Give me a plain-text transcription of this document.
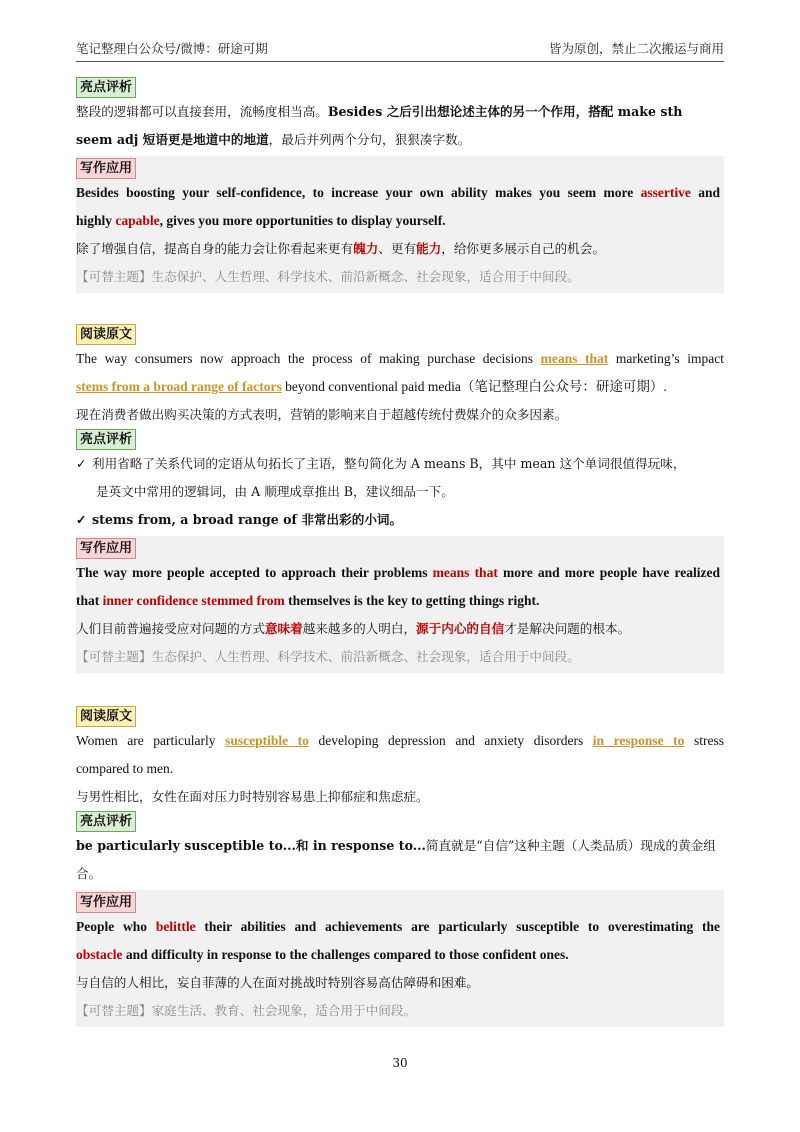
笔记整理白公众号/微博：研途可期	皆为原创，禁止二次搬运与商用
亮点评析

整段的逻辑都可以直接套用，流畅度相当高。Besides 之后引出想论述主体的另一个作用，搭配 make sth
seem adj 短语更是地道中的地道，最后并列两个分句，狠狠凑字数。

写作应用

Besides boosting your self-confidence, to increase your own ability makes you seem more assertive and

highly capable, gives you more opportunities to display yourself.

除了增强自信，提高自身的能力会让你看起来更有魄力、更有能力，给你更多展示自己的机会。

【可替主题】生态保护、人生哲理、科学技术、前沿新概念、社会现象，适合用于中间段。

阅读原文

The way consumers now approach the process of making purchase decisions means that marketing’s impact

stems from a broad range of factors beyond conventional paid media（笔记整理白公众号：研途可期）.

现在消费者做出购买决策的方式表明，营销的影响来自于超越传统付费媒介的众多因素。

亮点评析

✓ 利用省略了关系代词的定语从句拓长了主语，整句简化为 A means B，其中 mean 这个单词很值得玩味，

是英文中常用的逻辑词，由 A 顺理成章推出 B，建议细品一下。

✓ stems from, a broad range of 非常出彩的小词。

写作应用

The way more people accepted to approach their problems means that more and more people have realized

that inner confidence stemmed from themselves is the key to getting things right.

人们目前普遍接受应对问题的方式意味着越来越多的人明白，源于内心的自信才是解决问题的根本。

【可替主题】生态保护、人生哲理、科学技术、前沿新概念、社会现象，适合用于中间段。

阅读原文

Women are particularly susceptible to developing depression and anxiety disorders in response to stress

compared to men.

与男性相比，女性在面对压力时特别容易患上抑郁症和焦虑症。

亮点评析

be particularly susceptible to...和 in response to...简直就是“自信”这种主题（人类品质）现成的黄金组合。

写作应用

People who belittle their abilities and achievements are particularly susceptible to overestimating the

obstacle and difficulty in response to the challenges compared to those confident ones.

与自信的人相比，妄自菲薄的人在面对挑战时特别容易高估障碍和困难。

【可替主题】家庭生活、教育、社会现象，适合用于中间段。

30
